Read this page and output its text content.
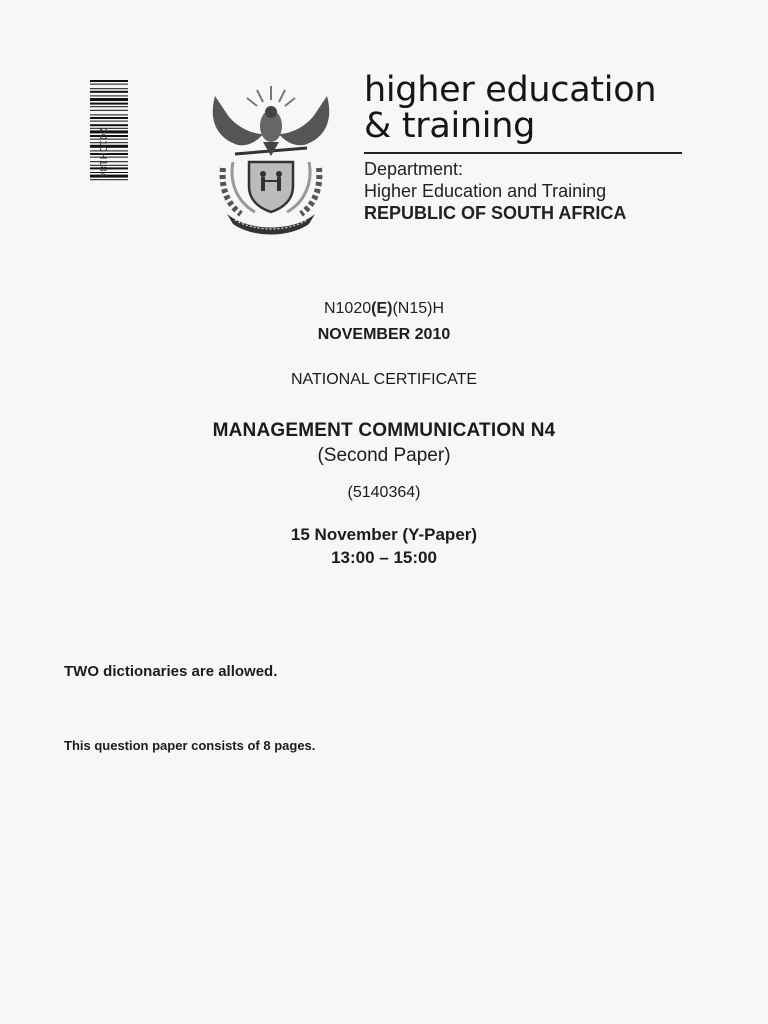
2010H184
higher education
& training
Department:
Higher Education and Training
REPUBLIC OF SOUTH AFRICA
N1020(E)(N15)H
NOVEMBER 2010
NATIONAL CERTIFICATE
MANAGEMENT COMMUNICATION N4
(Second Paper)
(5140364)
15 November (Y-Paper)
13:00 – 15:00
TWO dictionaries are allowed.
This question paper consists of 8 pages.
